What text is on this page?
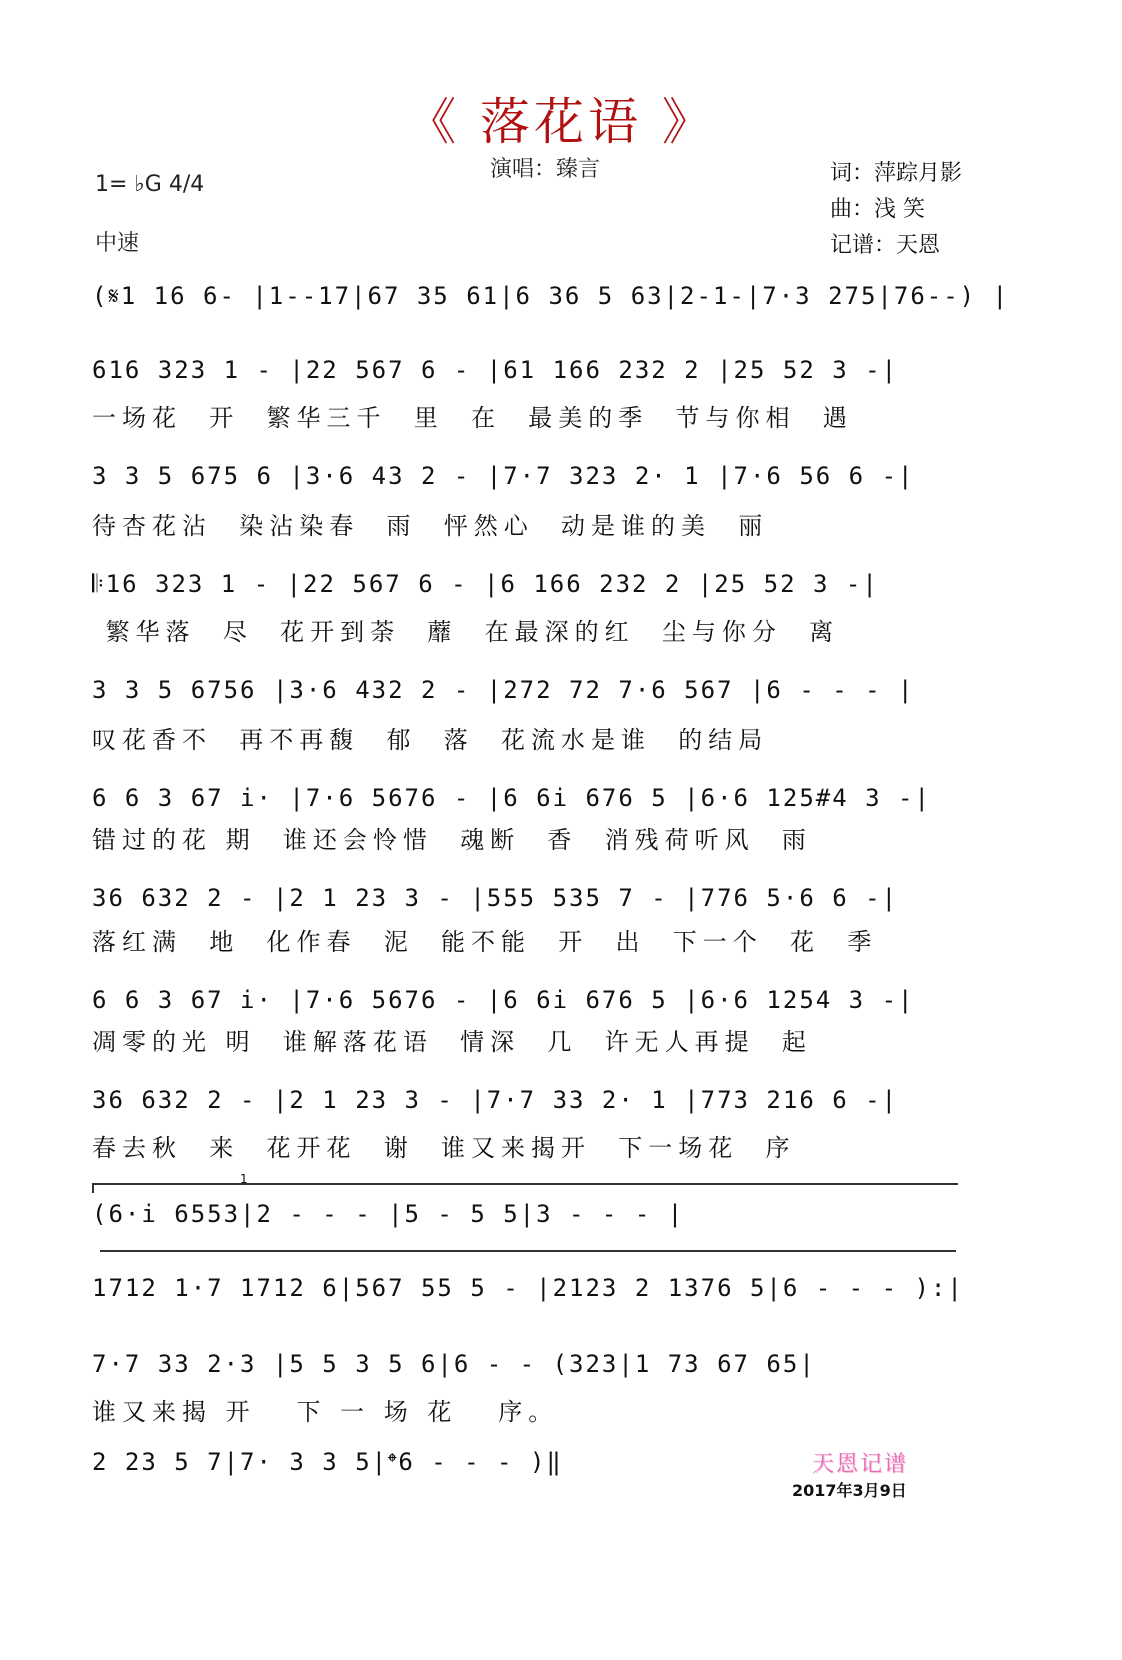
《 落花语 》
1= ♭G 4/4
中速
演唱：臻言	词：萍踪月影
曲：浅 笑
记谱：天恩
(𝄋1 16 6- |1--17|67 35 61|6 36 5 63|2-1-|7·3 275|76--) |
616 323 1 - |22 567 6 - |61 166 232 2 |25 52 3 -|
一场花  开  繁华三千  里  在  最美的季  节与你相  遇
3 3 5 675 6 |3·6 43 2 - |7·7 323 2· 1 |7·6 56 6 -|
待杏花沾  染沾染春  雨  怦然心  动是谁的美  丽
𝄆16 323 1 - |22 567 6 - |6 166 232 2 |25 52 3 -|
繁华落  尽  花开到荼  蘼  在最深的红  尘与你分  离
3 3 5 6756 |3·6 432 2 - |272 72 7·6 567 |6 - - - |
叹花香不  再不再馥  郁  落  花流水是谁  的结局
6 6 3 67 i· |7·6 5676 - |6 6i 676 5 |6·6 125#4 3 -|
错过的花 期  谁还会怜惜  魂断  香  消残荷听风  雨
36 632 2 - |2 1 23 3 - |555 535 7 - |776 5·6 6 -|
落红满  地  化作春  泥  能不能  开  出  下一个  花  季
6 6 3 67 i· |7·6 5676 - |6 6i 676 5 |6·6 1254 3 -|
凋零的光 明  谁解落花语  情深  几  许无人再提  起
36 632 2 - |2 1 23 3 - |7·7 33 2· 1 |773 216 6 -|
春去秋  来  花开花  谢  谁又来揭开  下一场花  序
1
(6·i 6553|2 - - - |5 - 5 5|3 - - - |
1712 1·7 1712 6|567 55 5 - |2123 2 1376 5|6 - - - ):|
7·7 33 2·3 |5 5 3 5 6|6 - - (323|1 73 67 65|
谁又来揭 开   下 一 场 花   序。
2 23 5 7|7· 3 3 5|𝄌6 - - - )‖	天恩记谱
2017年3月9日
